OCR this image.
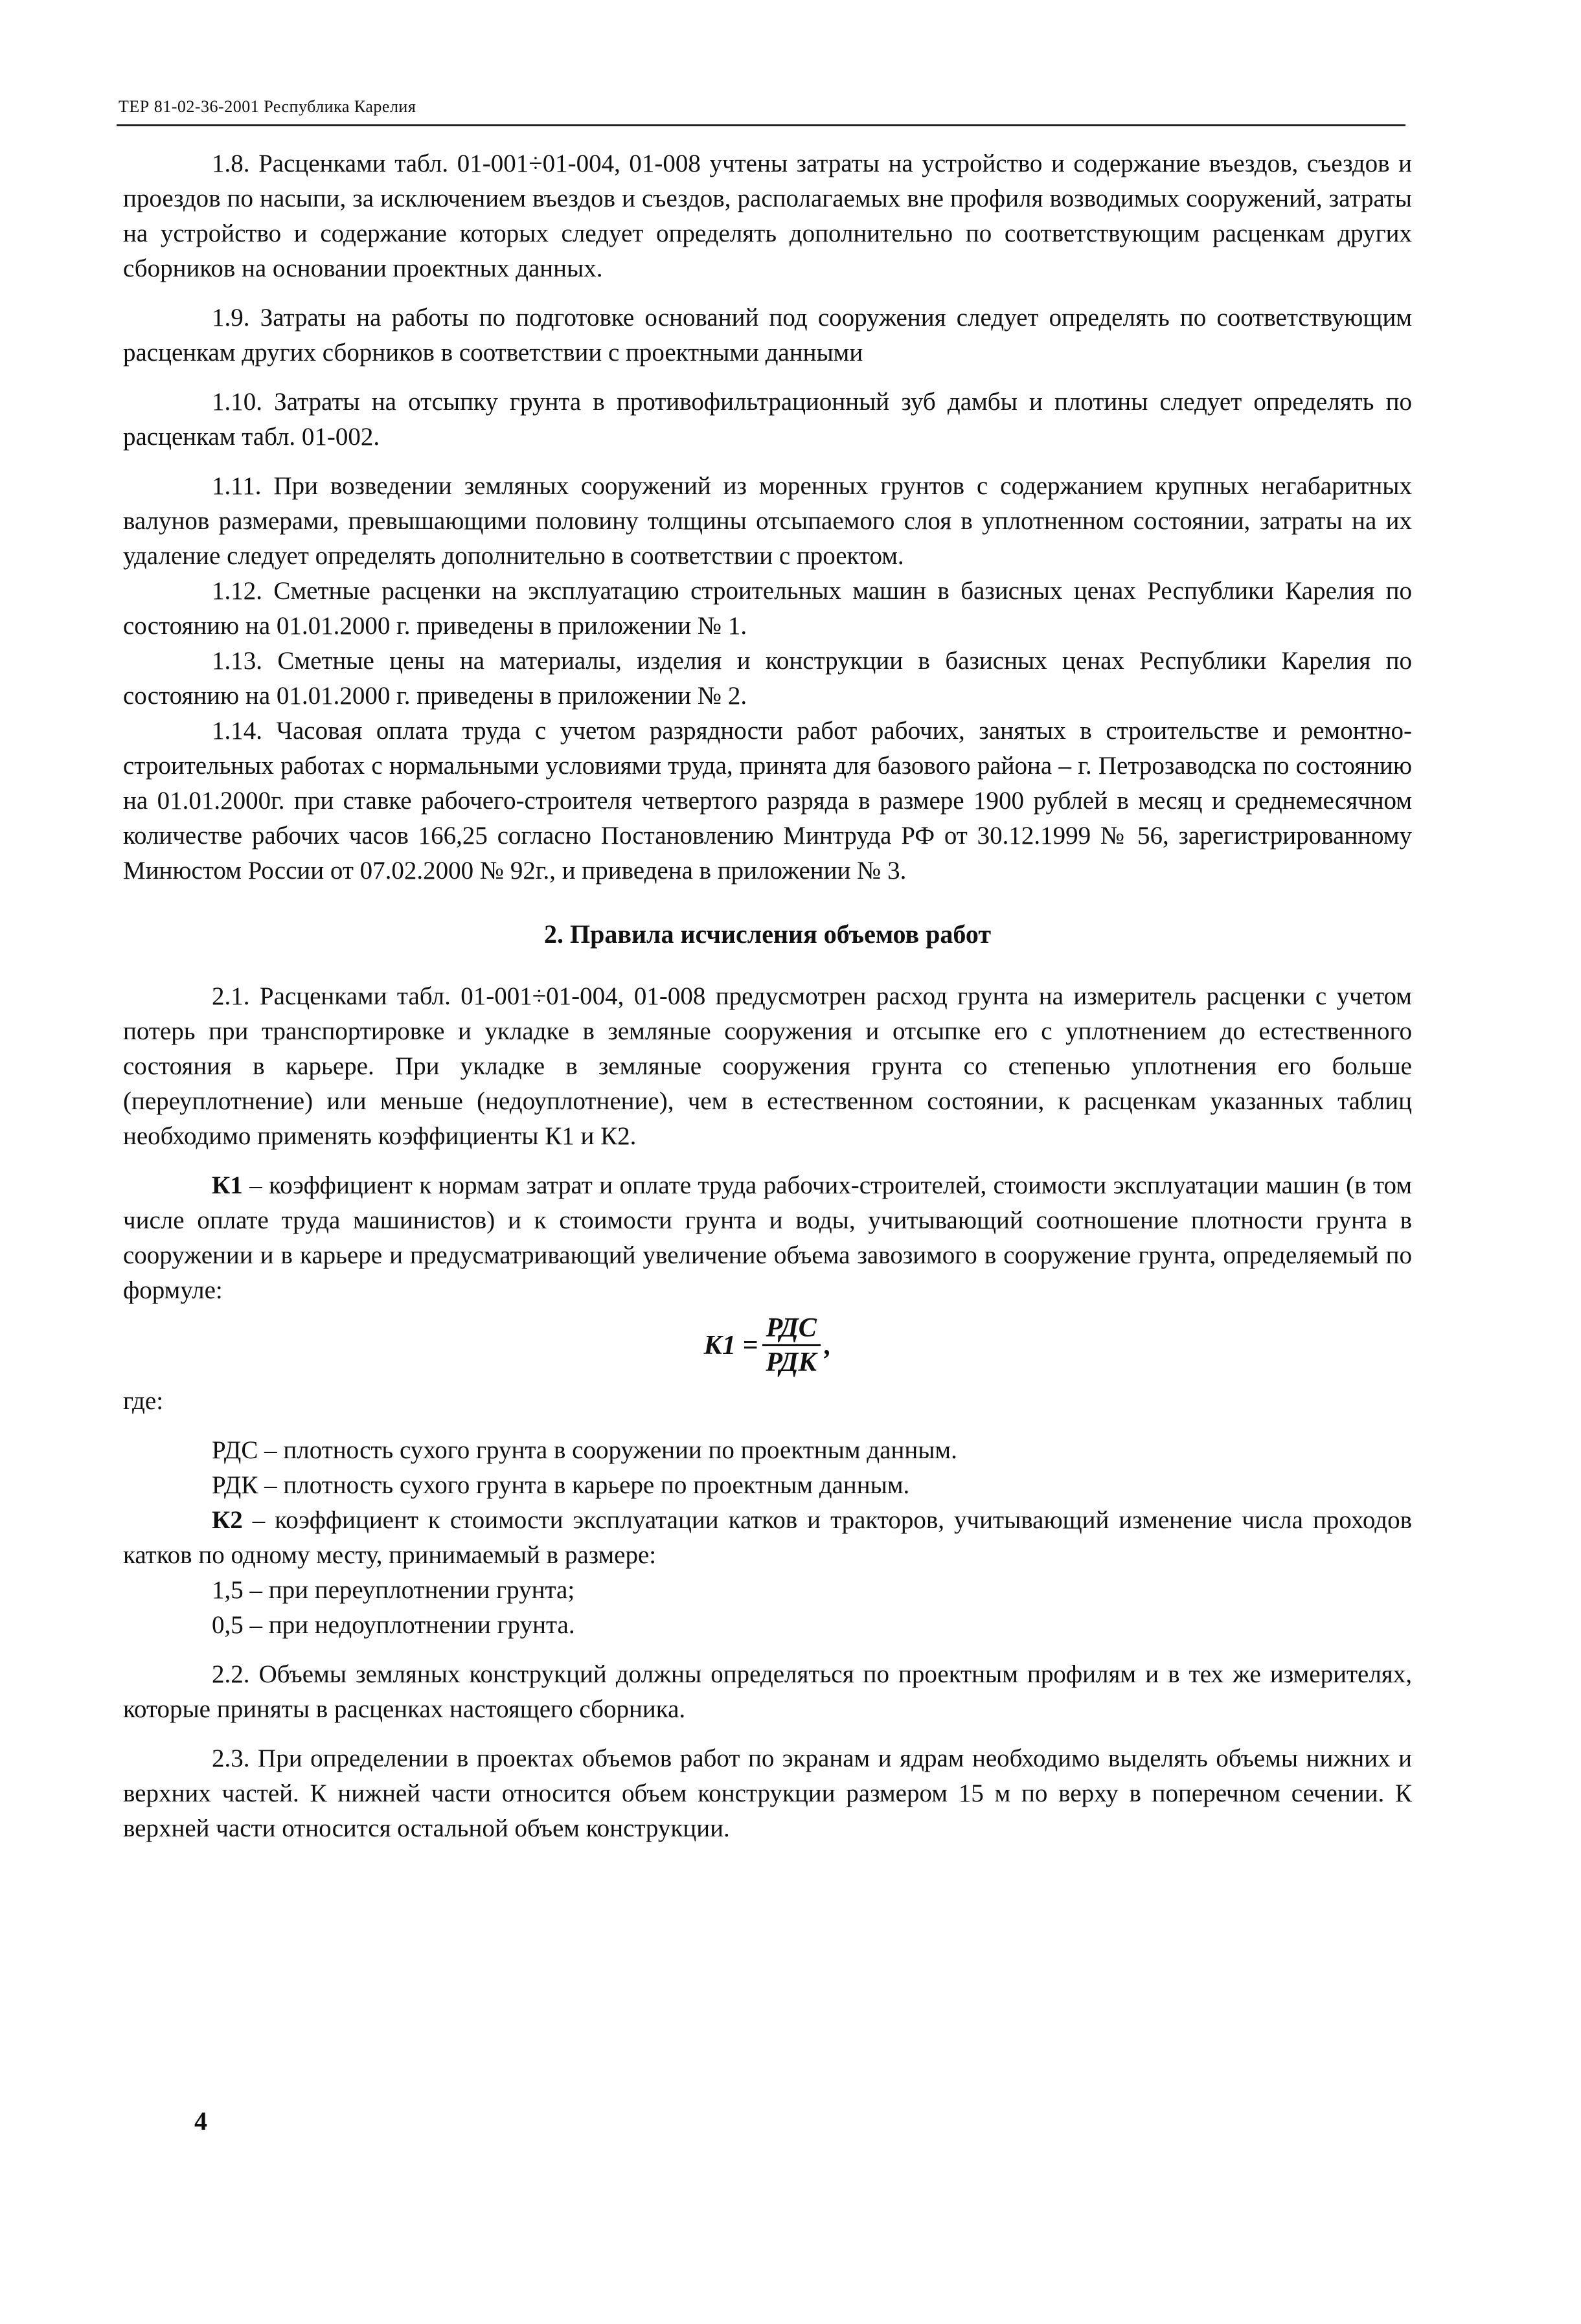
ТЕР 81-02-36-2001 Республика Карелия

1.8. Расценками табл. 01-001÷01-004, 01-008 учтены затраты на устройство и содержание въездов, съездов и проездов по насыпи, за исключением въездов и съездов, располагаемых вне профиля возводимых сооружений, затраты на устройство и содержание которых следует определять дополнительно по соответствующим расценкам других сборников на основании проектных данных.

1.9. Затраты на работы по подготовке оснований под сооружения следует определять по соответствующим расценкам других сборников в соответствии с проектными данными

1.10. Затраты на отсыпку грунта в противофильтрационный зуб дамбы и плотины следует определять по расценкам табл. 01-002.

1.11. При возведении земляных сооружений из моренных грунтов с содержанием крупных негабаритных валунов размерами, превышающими половину толщины отсыпаемого слоя в уплотненном состоянии, затраты на их удаление следует определять дополнительно в соответствии с проектом.

1.12. Сметные расценки на эксплуатацию строительных машин в базисных ценах Республики Карелия по состоянию на 01.01.2000 г. приведены в приложении № 1.

1.13. Сметные цены на материалы, изделия и конструкции в базисных ценах Республики Карелия по состоянию на 01.01.2000 г. приведены в приложении № 2.

1.14. Часовая оплата труда с учетом разрядности работ рабочих, занятых в строительстве и ремонтно-строительных работах с нормальными условиями труда, принята для базового района – г. Петрозаводска по состоянию на 01.01.2000г. при ставке рабочего-строителя четвертого разряда в размере 1900 рублей в месяц и среднемесячном количестве рабочих часов 166,25 согласно Постановлению Минтруда РФ от 30.12.1999 № 56, зарегистрированному Минюстом России от 07.02.2000 № 92г., и приведена в приложении № 3.

2. Правила исчисления объемов работ

2.1. Расценками табл. 01-001÷01-004, 01-008 предусмотрен расход грунта на измеритель расценки с учетом потерь при транспортировке и укладке в земляные сооружения и отсыпке его с уплотнением до естественного состояния в карьере. При укладке в земляные сооружения грунта со степенью уплотнения его больше (переуплотнение) или меньше (недоуплотнение), чем в естественном состоянии, к расценкам указанных таблиц необходимо применять коэффициенты К1 и К2.

К1 – коэффициент к нормам затрат и оплате труда рабочих-строителей, стоимости эксплуатации машин (в том числе оплате труда машинистов) и к стоимости грунта и воды, учитывающий соотношение плотности грунта в сооружении и в карьере и предусматривающий увеличение объема завозимого в сооружение грунта, определяемый по формуле:

$К1 = \frac{\text{РДС}}{\text{РДК}}$ ,

где:

РДС – плотность сухого грунта в сооружении по проектным данным.

РДК – плотность сухого грунта в карьере по проектным данным.

К2 – коэффициент к стоимости эксплуатации катков и тракторов, учитывающий изменение числа проходов катков по одному месту, принимаемый в размере:

1,5 – при переуплотнении грунта;

0,5 – при недоуплотнении грунта.

2.2. Объемы земляных конструкций должны определяться по проектным профилям и в тех же измерителях, которые приняты в расценках настоящего сборника.

2.3. При определении в проектах объемов работ по экранам и ядрам необходимо выделять объемы нижних и верхних частей. К нижней части относится объем конструкции размером 15 м по верху в поперечном сечении. К верхней части относится остальной объем конструкции.

4
